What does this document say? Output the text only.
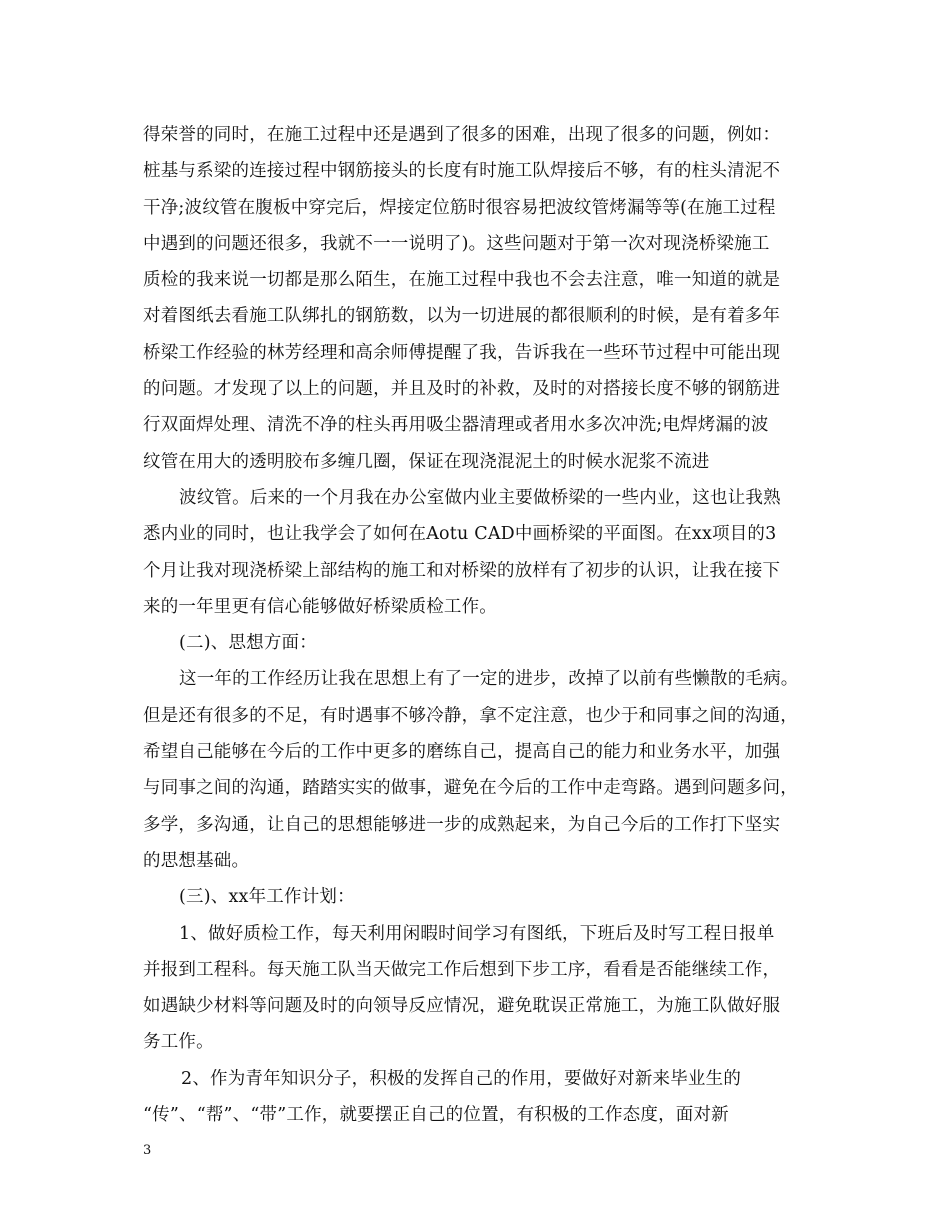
得荣誉的同时，在施工过程中还是遇到了很多的困难，出现了很多的问题，例如：
桩基与系梁的连接过程中钢筋接头的长度有时施工队焊接后不够，有的柱头清泥不
干净;波纹管在腹板中穿完后，焊接定位筋时很容易把波纹管烤漏等等(在施工过程
中遇到的问题还很多，我就不一一说明了)。这些问题对于第一次对现浇桥梁施工
质检的我来说一切都是那么陌生，在施工过程中我也不会去注意，唯一知道的就是
对着图纸去看施工队绑扎的钢筋数，以为一切进展的都很顺利的时候，是有着多年
桥梁工作经验的林芳经理和高余师傅提醒了我，告诉我在一些环节过程中可能出现
的问题。才发现了以上的问题，并且及时的补救，及时的对搭接长度不够的钢筋进
行双面焊处理、清洗不净的柱头再用吸尘器清理或者用水多次冲洗;电焊烤漏的波
纹管在用大的透明胶布多缠几圈，保证在现浇混泥土的时候水泥浆不流进
波纹管。后来的一个月我在办公室做内业主要做桥梁的一些内业，这也让我熟
悉内业的同时，也让我学会了如何在Aotu CAD中画桥梁的平面图。在xx项目的3
个月让我对现浇桥梁上部结构的施工和对桥梁的放样有了初步的认识，让我在接下
来的一年里更有信心能够做好桥梁质检工作。
(二)、思想方面：
这一年的工作经历让我在思想上有了一定的进步，改掉了以前有些懒散的毛病。
但是还有很多的不足，有时遇事不够冷静，拿不定注意，也少于和同事之间的沟通，
希望自己能够在今后的工作中更多的磨练自己，提高自己的能力和业务水平，加强
与同事之间的沟通，踏踏实实的做事，避免在今后的工作中走弯路。遇到问题多问，
多学，多沟通，让自己的思想能够进一步的成熟起来，为自己今后的工作打下坚实
的思想基础。
(三)、xx年工作计划：
1、做好质检工作，每天利用闲暇时间学习有图纸，下班后及时写工程日报单
并报到工程科。每天施工队当天做完工作后想到下步工序，看看是否能继续工作，
如遇缺少材料等问题及时的向领导反应情况，避免耽误正常施工，为施工队做好服
务工作。
2、作为青年知识分子，积极的发挥自己的作用，要做好对新来毕业生的
“传”、“帮”、“带”工作，就要摆正自己的位置，有积极的工作态度，面对新
3
